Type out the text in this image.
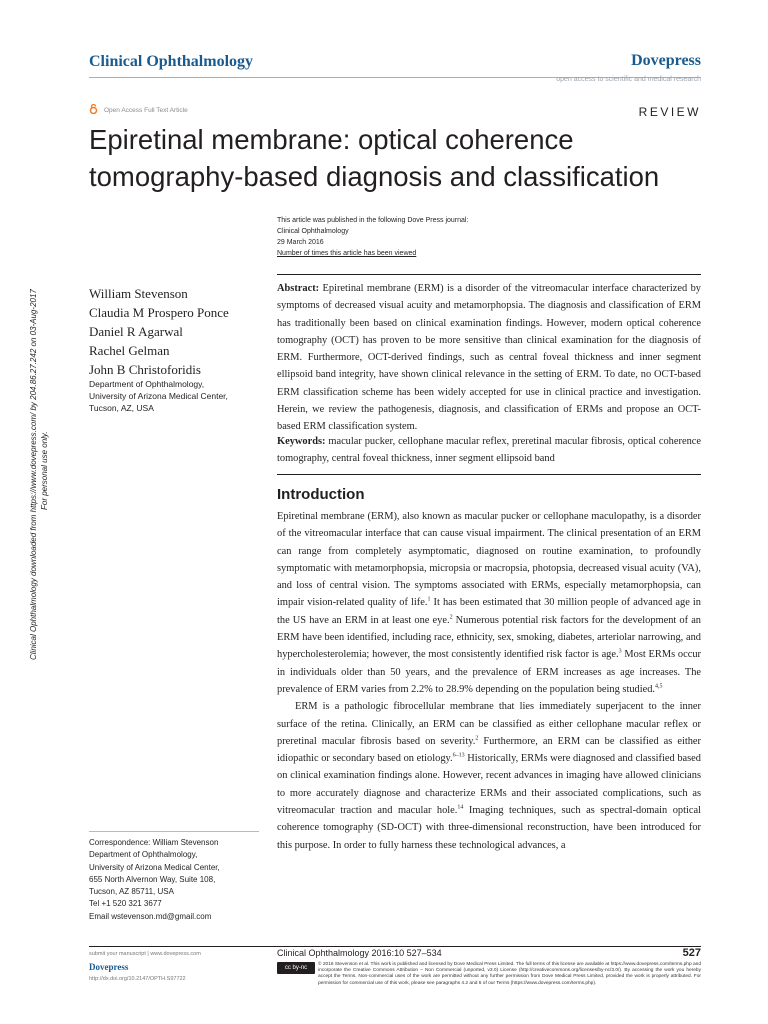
Clinical Ophthalmology	Dovepress
open access to scientific and medical research
Open Access Full Text Article	REVIEW
Epiretinal membrane: optical coherence tomography-based diagnosis and classification
This article was published in the following Dove Press journal:
Clinical Ophthalmology
29 March 2016
Number of times this article has been viewed
Clinical Ophthalmology downloaded from https://www.dovepress.com/ by 204.86.27.242 on 03-Aug-2017 For personal use only.
William Stevenson
Claudia M Prospero Ponce
Daniel R Agarwal
Rachel Gelman
John B Christoforidis
Department of Ophthalmology,
University of Arizona Medical Center,
Tucson, AZ, USA
Abstract: Epiretinal membrane (ERM) is a disorder of the vitreomacular interface characterized by symptoms of decreased visual acuity and metamorphopsia. The diagnosis and classification of ERM has traditionally been based on clinical examination findings. However, modern optical coherence tomography (OCT) has proven to be more sensitive than clinical examination for the diagnosis of ERM. Furthermore, OCT-derived findings, such as central foveal thickness and inner segment ellipsoid band integrity, have shown clinical relevance in the setting of ERM. To date, no OCT-based ERM classification scheme has been widely accepted for use in clinical practice and investigation. Herein, we review the pathogenesis, diagnosis, and classification of ERMs and propose an OCT-based ERM classification system.
Keywords: macular pucker, cellophane macular reflex, preretinal macular fibrosis, optical coherence tomography, central foveal thickness, inner segment ellipsoid band
Introduction

Epiretinal membrane (ERM), also known as macular pucker or cellophane maculopathy, is a disorder of the vitreomacular interface that can cause visual impairment. The clinical presentation of an ERM can range from completely asymptomatic, diagnosed on routine examination, to profoundly symptomatic with metamorphopsia, micropsia or macropsia, photopsia, decreased visual acuity (VA), and loss of central vision. The symptoms associated with ERMs, especially metamorphopsia, can impair vision-related quality of life.$^1$ It has been estimated that 30 million people of advanced age in the US have an ERM in at least one eye.$^2$ Numerous potential risk factors for the development of an ERM have been identified, including race, ethnicity, sex, smoking, diabetes, arteriolar narrowing, and hypercholesterolemia; however, the most consistently identified risk factor is age.$^3$ Most ERMs occur in individuals older than 50 years, and the prevalence of ERM increases as age increases. The prevalence of ERM varies from 2.2% to 28.9% depending on the population being studied.$^{4,5}$

ERM is a pathologic fibrocellular membrane that lies immediately superjacent to the inner surface of the retina. Clinically, an ERM can be classified as either cellophane macular reflex or preretinal macular fibrosis based on severity.$^2$ Furthermore, an ERM can be classified as either idiopathic or secondary based on etiology.$^{6-13}$ Historically, ERMs were diagnosed and classified based on clinical examination findings alone. However, recent advances in imaging have allowed clinicians to more accurately diagnose and characterize ERMs and their associated complications, such as vitreomacular traction and macular hole.$^{14}$ Imaging techniques, such as spectral-domain optical coherence tomography (SD-OCT) with three-dimensional reconstruction, have been introduced for this purpose. In order to fully harness these technological advances, a

Correspondence: William Stevenson
Department of Ophthalmology,
University of Arizona Medical Center,
655 North Alvernon Way, Suite 108,
Tucson, AZ 85711, USA
Tel +1 520 321 3677
Email wstevenson.md@gmail.com
submit your manuscript | www.dovepress.com
Dovepress
http://dx.doi.org/10.2147/OPTH.S97722
Clinical Ophthalmology 2016:10 527–534	527
cc by-nc
© 2016 Stevenson et al. This work is published and licensed by Dove Medical Press Limited. The full terms of this license are available at https://www.dovepress.com/terms.php and incorporate the Creative Commons Attribution – Non Commercial (unported, v3.0) License (http://creativecommons.org/licenses/by-nc/3.0/). By accessing the work you hereby accept the Terms. Non-commercial uses of the work are permitted without any further permission from Dove Medical Press Limited, provided the work is properly attributed. For permission for commercial use of this work, please see paragraphs 4.2 and 5 of our Terms (https://www.dovepress.com/terms.php).
